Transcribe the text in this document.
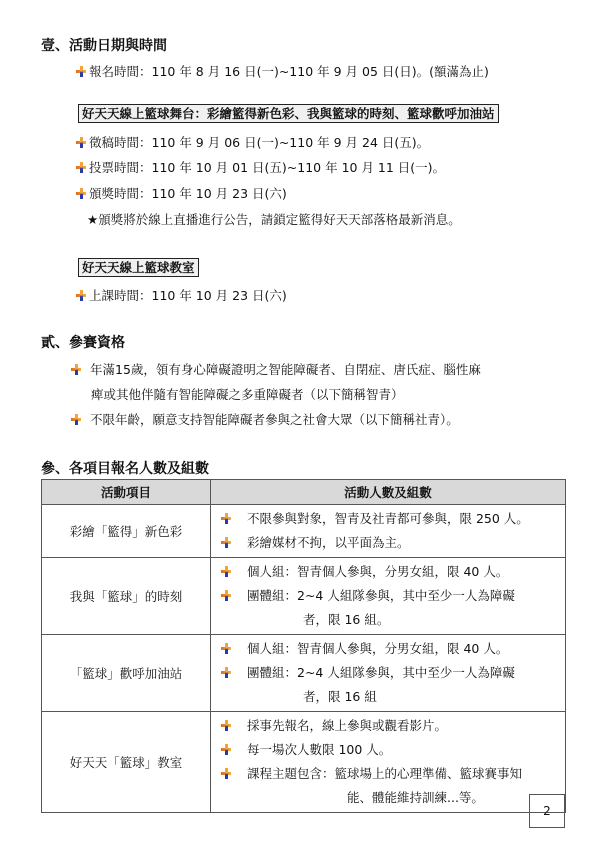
壹、活動日期與時間
報名時間：110 年 8 月 16 日(一)~110 年 9 月 05 日(日)。(額滿為止)
好天天線上籃球舞台：彩繪籃得新色彩、我與籃球的時刻、籃球歡呼加油站
徵稿時間：110 年 9 月 06 日(一)~110 年 9 月 24 日(五)。
投票時間：110 年 10 月 01 日(五)~110 年 10 月 11 日(一)。
頒獎時間：110 年 10 月 23 日(六)
★頒獎將於線上直播進行公告，請鎖定籃得好天天部落格最新消息。
好天天線上籃球教室
上課時間：110 年 10 月 23 日(六)
貳、參賽資格
年滿15歲，領有身心障礙證明之智能障礙者、自閉症、唐氏症、腦性麻
痺或其他伴隨有智能障礙之多重障礙者（以下簡稱智青）
不限年齡，願意支持智能障礙者參與之社會大眾（以下簡稱社青）。
參、各項目報名人數及組數
活動項目	活動人數及組數
彩繪「籃得」新色彩	不限參與對象，智青及社青都可參與，限 250 人。
彩繪媒材不拘，以平面為主。

我與「籃球」的時刻	個人組：智青個人參與，分男女組，限 40 人。
團體組：2~4 人組隊參與，其中至少一人為障礙
者，限 16 組。

「籃球」歡呼加油站	個人組：智青個人參與，分男女組，限 40 人。
團體組：2~4 人組隊參與，其中至少一人為障礙
者，限 16 組

好天天「籃球」教室	採事先報名，線上參與或觀看影片。
每一場次人數限 100 人。
課程主題包含：籃球場上的心理準備、籃球賽事知
能、體能維持訓練...等。
2
